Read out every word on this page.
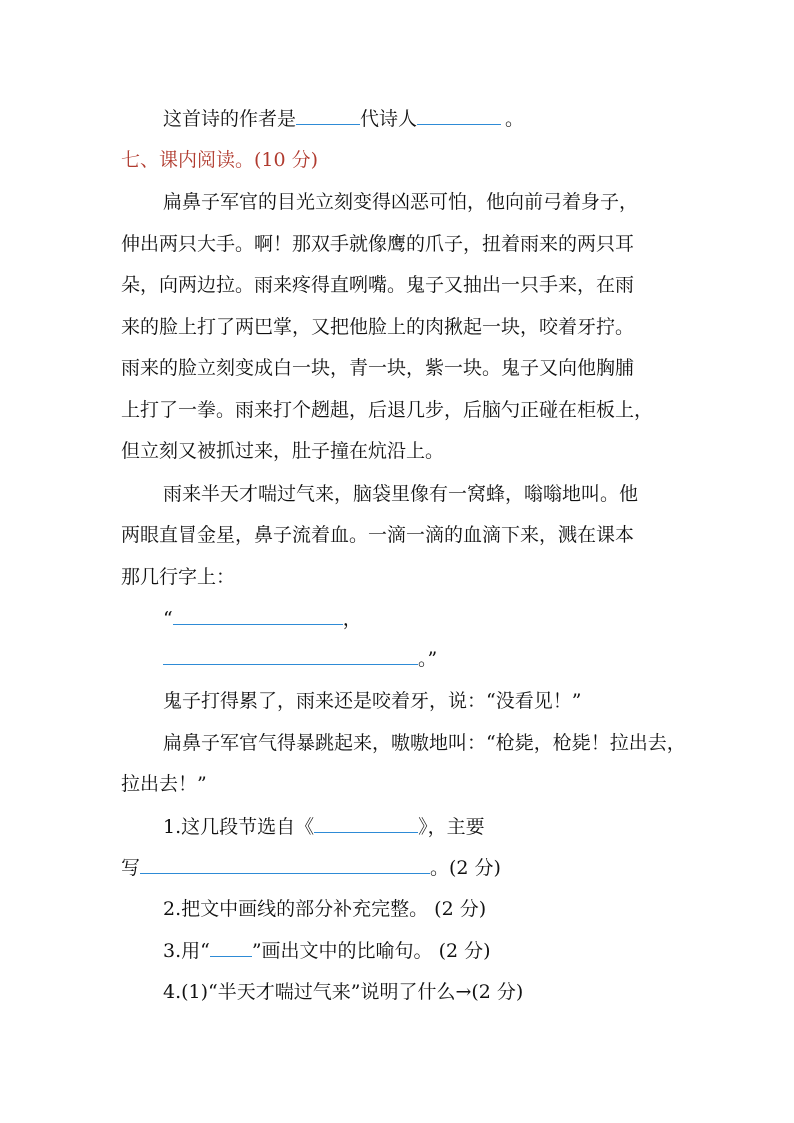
这首诗的作者是	代诗人	。
七、课内阅读。(10 分)
扁鼻子军官的目光立刻变得凶恶可怕，他向前弓着身子，
伸出两只大手。啊！那双手就像鹰的爪子，扭着雨来的两只耳
朵，向两边拉。雨来疼得直咧嘴。鬼子又抽出一只手来，在雨
来的脸上打了两巴掌，又把他脸上的肉揪起一块，咬着牙拧。
雨来的脸立刻变成白一块，青一块，紫一块。鬼子又向他胸脯
上打了一拳。雨来打个趔趄，后退几步，后脑勺正碰在柜板上，
但立刻又被抓过来，肚子撞在炕沿上。
雨来半天才喘过气来，脑袋里像有一窝蜂，嗡嗡地叫。他
两眼直冒金星，鼻子流着血。一滴一滴的血滴下来，溅在课本
那几行字上：
“	，
。”
鬼子打得累了，雨来还是咬着牙，说：“没看见！”
扁鼻子军官气得暴跳起来，嗷嗷地叫：“枪毙，枪毙！拉出去，
拉出去！”
1.这几段节选自《	》，主要
写	。(2 分)
2.把文中画线的部分补充完整。 (2 分)
3.用“ ”画出文中的比喻句。 (2 分)
4.(1)“半天才喘过气来”说明了什么→(2 分)
